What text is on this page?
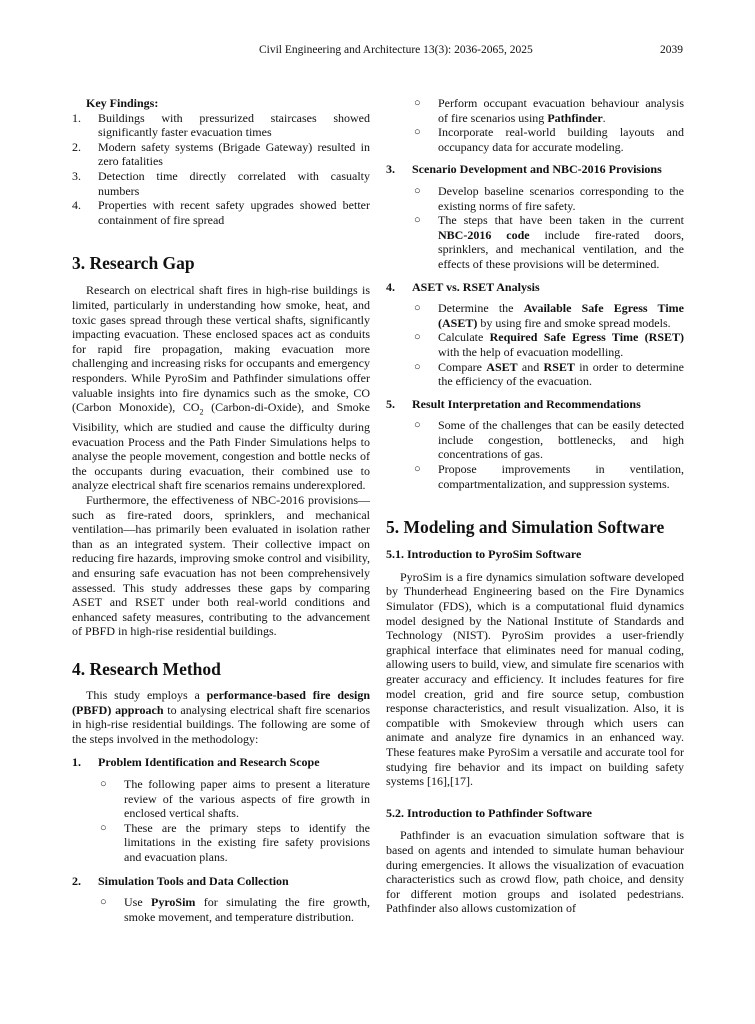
Civil Engineering and Architecture 13(3): 2036-2065, 2025	2039
Key Findings:
1. Buildings with pressurized staircases showed significantly faster evacuation times
2. Modern safety systems (Brigade Gateway) resulted in zero fatalities
3. Detection time directly correlated with casualty numbers
4. Properties with recent safety upgrades showed better containment of fire spread
3. Research Gap

Research on electrical shaft fires in high-rise buildings is limited, particularly in understanding how smoke, heat, and toxic gases spread through these vertical shafts, significantly impacting evacuation. These enclosed spaces act as conduits for rapid fire propagation, making evacuation more challenging and increasing risks for occupants and emergency responders. While PyroSim and Pathfinder simulations offer valuable insights into fire dynamics such as the smoke, CO (Carbon Monoxide), $CO_2$ (Carbon-di-Oxide), and Smoke Visibility, which are studied and cause the difficulty during evacuation Process and the Path Finder Simulations helps to analyse the people movement, congestion and bottle necks of the occupants during evacuation, their combined use to analyze electrical shaft fire scenarios remains underexplored.

Furthermore, the effectiveness of NBC-2016 provisions—such as fire-rated doors, sprinklers, and mechanical ventilation—has primarily been evaluated in isolation rather than as an integrated system. Their collective impact on reducing fire hazards, improving smoke control and visibility, and ensuring safe evacuation has not been comprehensively assessed. This study addresses these gaps by comparing ASET and RSET under both real-world conditions and enhanced safety measures, contributing to the advancement of PBFD in high-rise residential buildings.

4. Research Method

This study employs a performance-based fire design (PBFD) approach to analysing electrical shaft fire scenarios in high-rise residential buildings. The following are some of the steps involved in the methodology:

1. Problem Identification and Research Scope
○ The following paper aims to present a literature review of the various aspects of fire growth in enclosed vertical shafts.
○ These are the primary steps to identify the limitations in the existing fire safety provisions and evacuation plans.
2. Simulation Tools and Data Collection
○ Use PyroSim for simulating the fire growth, smoke movement, and temperature distribution.
○ Perform occupant evacuation behaviour analysis of fire scenarios using Pathfinder.
○ Incorporate real-world building layouts and occupancy data for accurate modeling.
3. Scenario Development and NBC-2016 Provisions
○ Develop baseline scenarios corresponding to the existing norms of fire safety.
○ The steps that have been taken in the current NBC-2016 code include fire-rated doors, sprinklers, and mechanical ventilation, and the effects of these provisions will be determined.
4. ASET vs. RSET Analysis
○ Determine the Available Safe Egress Time (ASET) by using fire and smoke spread models.
○ Calculate Required Safe Egress Time (RSET) with the help of evacuation modelling.
○ Compare ASET and RSET in order to determine the efficiency of the evacuation.
5. Result Interpretation and Recommendations
○ Some of the challenges that can be easily detected include congestion, bottlenecks, and high concentrations of gas.
○ Propose improvements in ventilation, compartmentalization, and suppression systems.
5. Modeling and Simulation Software
5.1. Introduction to PyroSim Software

PyroSim is a fire dynamics simulation software developed by Thunderhead Engineering based on the Fire Dynamics Simulator (FDS), which is a computational fluid dynamics model designed by the National Institute of Standards and Technology (NIST). PyroSim provides a user-friendly graphical interface that eliminates need for manual coding, allowing users to build, view, and simulate fire scenarios with greater accuracy and efficiency. It includes features for fire model creation, grid and fire source setup, combustion response characteristics, and result visualization. Also, it is compatible with Smokeview through which users can animate and analyze fire dynamics in an enhanced way. These features make PyroSim a versatile and accurate tool for studying fire behavior and its impact on building safety systems [16],[17].

5.2. Introduction to Pathfinder Software

Pathfinder is an evacuation simulation software that is based on agents and intended to simulate human behaviour during emergencies. It allows the visualization of evacuation characteristics such as crowd flow, path choice, and density for different motion groups and isolated pedestrians. Pathfinder also allows customization of
